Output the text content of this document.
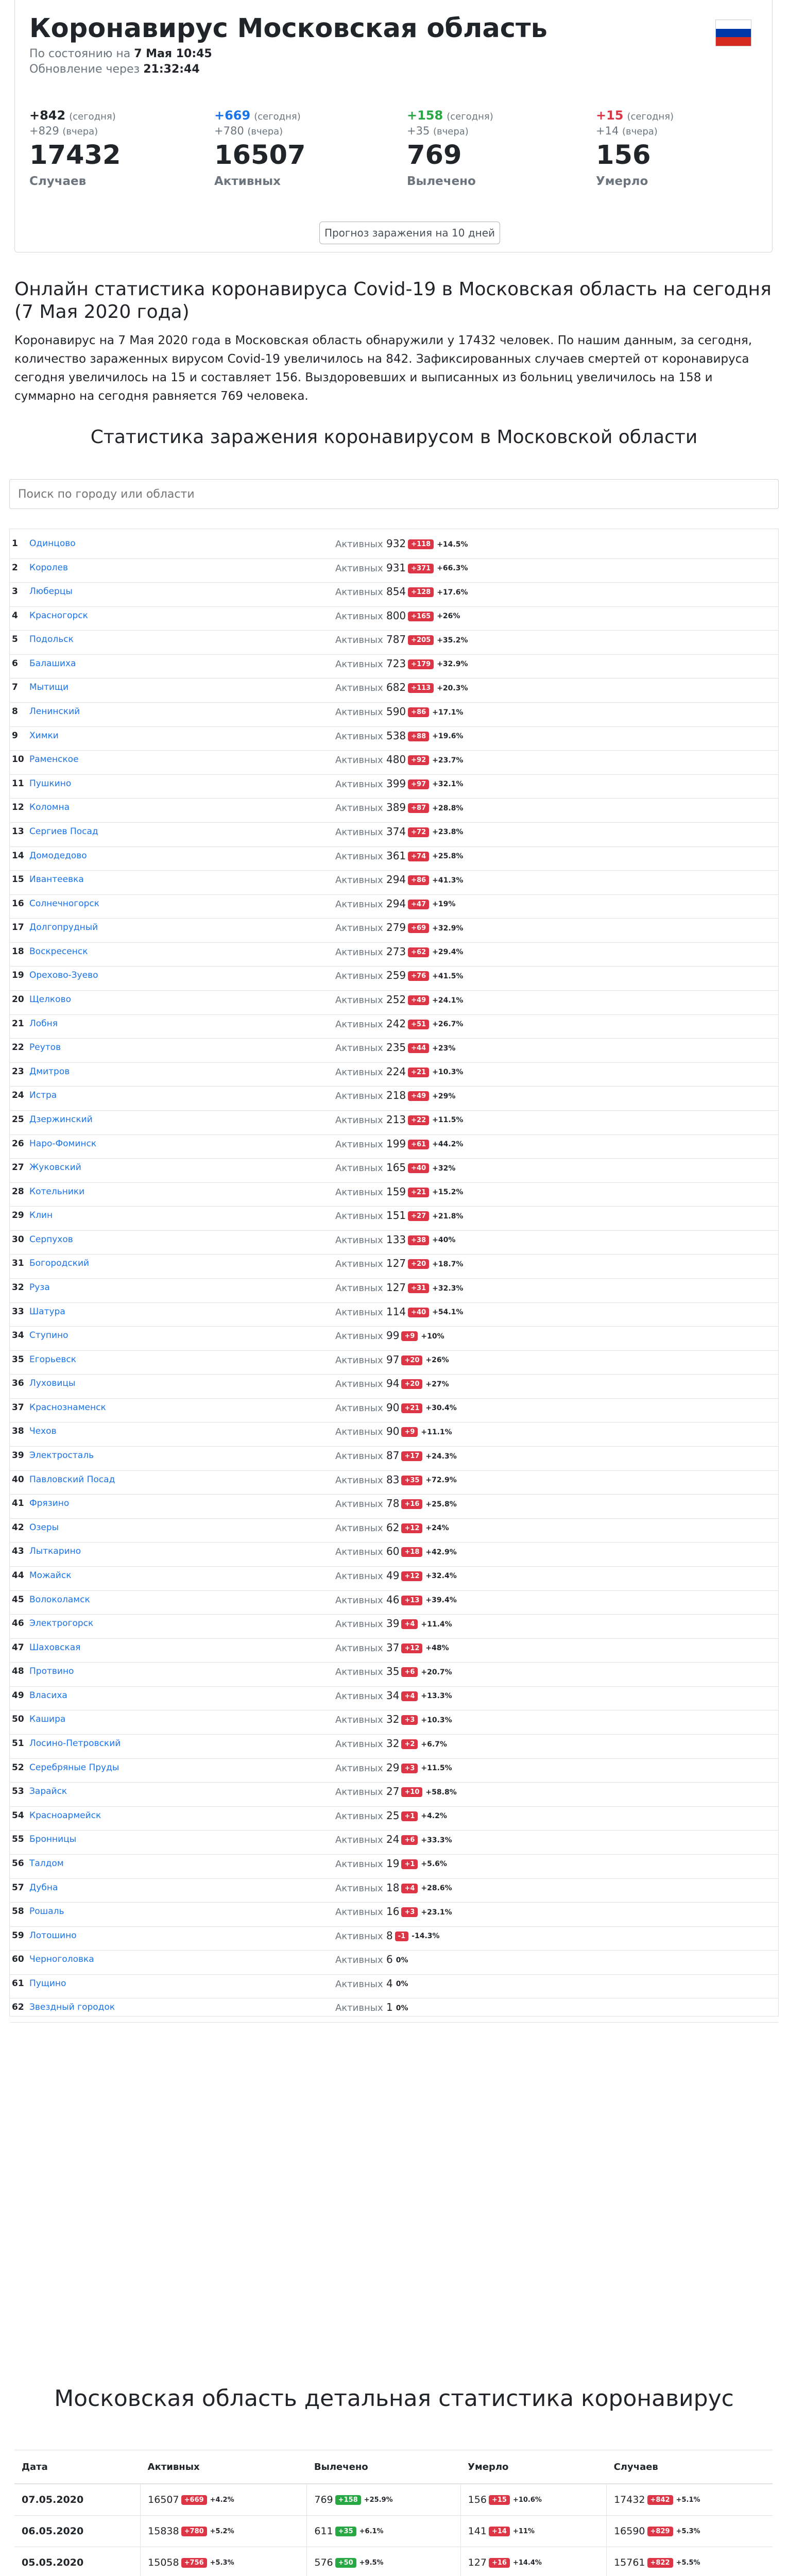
Коронавирус Московская область
По состоянию на 7 Мая 10:45
Обновление через 21:32:44
+842 (сегодня)
+829 (вчера)
17432
Случаев
+669 (сегодня)
+780 (вчера)
16507
Активных
+158 (сегодня)
+35 (вчера)
769
Вылечено
+15 (сегодня)
+14 (вчера)
156
Умерло
Прогноз заражения на 10 дней
Онлайн статистика коронавируса Covid-19 в Московская область на сегодня (7 Мая 2020 года)
Коронавирус на 7 Мая 2020 года в Московская область обнаружили у 17432 человек. По нашим данным, за сегодня, количество зараженных вирусом Covid-19 увеличилось на 842. Зафиксированных случаев смертей от коронавируса сегодня увеличилось на 15 и составляет 156. Выздоровевших и выписанных из больниц увеличилось на 158 и суммарно на сегодня равняется 769 человека.
Статистика заражения коронавирусом в Московской области
Поиск по городу или области
1 Одинцово	Активных 932 +118 +14.5%
2 Королев	Активных 931 +371 +66.3%
3 Люберцы	Активных 854 +128 +17.6%
4 Красногорск	Активных 800 +165 +26%
5 Подольск	Активных 787 +205 +35.2%
6 Балашиха	Активных 723 +179 +32.9%
7 Мытищи	Активных 682 +113 +20.3%
8 Ленинский	Активных 590 +86 +17.1%
9 Химки	Активных 538 +88 +19.6%
10 Раменское	Активных 480 +92 +23.7%
11 Пушкино	Активных 399 +97 +32.1%
12 Коломна	Активных 389 +87 +28.8%
13 Сергиев Посад	Активных 374 +72 +23.8%
14 Домодедово	Активных 361 +74 +25.8%
15 Ивантеевка	Активных 294 +86 +41.3%
16 Солнечногорск	Активных 294 +47 +19%
17 Долгопрудный	Активных 279 +69 +32.9%
18 Воскресенск	Активных 273 +62 +29.4%
19 Орехово-Зуево	Активных 259 +76 +41.5%
20 Щелково	Активных 252 +49 +24.1%
21 Лобня	Активных 242 +51 +26.7%
22 Реутов	Активных 235 +44 +23%
23 Дмитров	Активных 224 +21 +10.3%
24 Истра	Активных 218 +49 +29%
25 Дзержинский	Активных 213 +22 +11.5%
26 Наро-Фоминск	Активных 199 +61 +44.2%
27 Жуковский	Активных 165 +40 +32%
28 Котельники	Активных 159 +21 +15.2%
29 Клин	Активных 151 +27 +21.8%
30 Серпухов	Активных 133 +38 +40%
31 Богородский	Активных 127 +20 +18.7%
32 Руза	Активных 127 +31 +32.3%
33 Шатура	Активных 114 +40 +54.1%
34 Ступино	Активных 99 +9 +10%
35 Егорьевск	Активных 97 +20 +26%
36 Луховицы	Активных 94 +20 +27%
37 Краснознаменск	Активных 90 +21 +30.4%
38 Чехов	Активных 90 +9 +11.1%
39 Электросталь	Активных 87 +17 +24.3%
40 Павловский Посад	Активных 83 +35 +72.9%
41 Фрязино	Активных 78 +16 +25.8%
42 Озеры	Активных 62 +12 +24%
43 Лыткарино	Активных 60 +18 +42.9%
44 Можайск	Активных 49 +12 +32.4%
45 Волоколамск	Активных 46 +13 +39.4%
46 Электрогорск	Активных 39 +4 +11.4%
47 Шаховская	Активных 37 +12 +48%
48 Протвино	Активных 35 +6 +20.7%
49 Власиха	Активных 34 +4 +13.3%
50 Кашира	Активных 32 +3 +10.3%
51 Лосино-Петровский	Активных 32 +2 +6.7%
52 Серебряные Пруды	Активных 29 +3 +11.5%
53 Зарайск	Активных 27 +10 +58.8%
54 Красноармейск	Активных 25 +1 +4.2%
55 Бронницы	Активных 24 +6 +33.3%
56 Талдом	Активных 19 +1 +5.6%
57 Дубна	Активных 18 +4 +28.6%
58 Рошаль	Активных 16 +3 +23.1%
59 Лотошино	Активных 8 -1 -14.3%
60 Черноголовка	Активных 6 0%
61 Пущино	Активных 4 0%
62 Звездный городок	Активных 1 0%
Московская область детальная статистика коронавирус
Дата	Активных	Вылечено	Умерло	Случаев
07.05.2020	16507 +669 +4.2%	769 +158 +25.9%	156 +15 +10.6%	17432 +842 +5.1%
06.05.2020	15838 +780 +5.2%	611 +35 +6.1%	141 +14 +11%	16590 +829 +5.3%
05.05.2020	15058 +756 +5.3%	576 +50 +9.5%	127 +16 +14.4%	15761 +822 +5.5%
